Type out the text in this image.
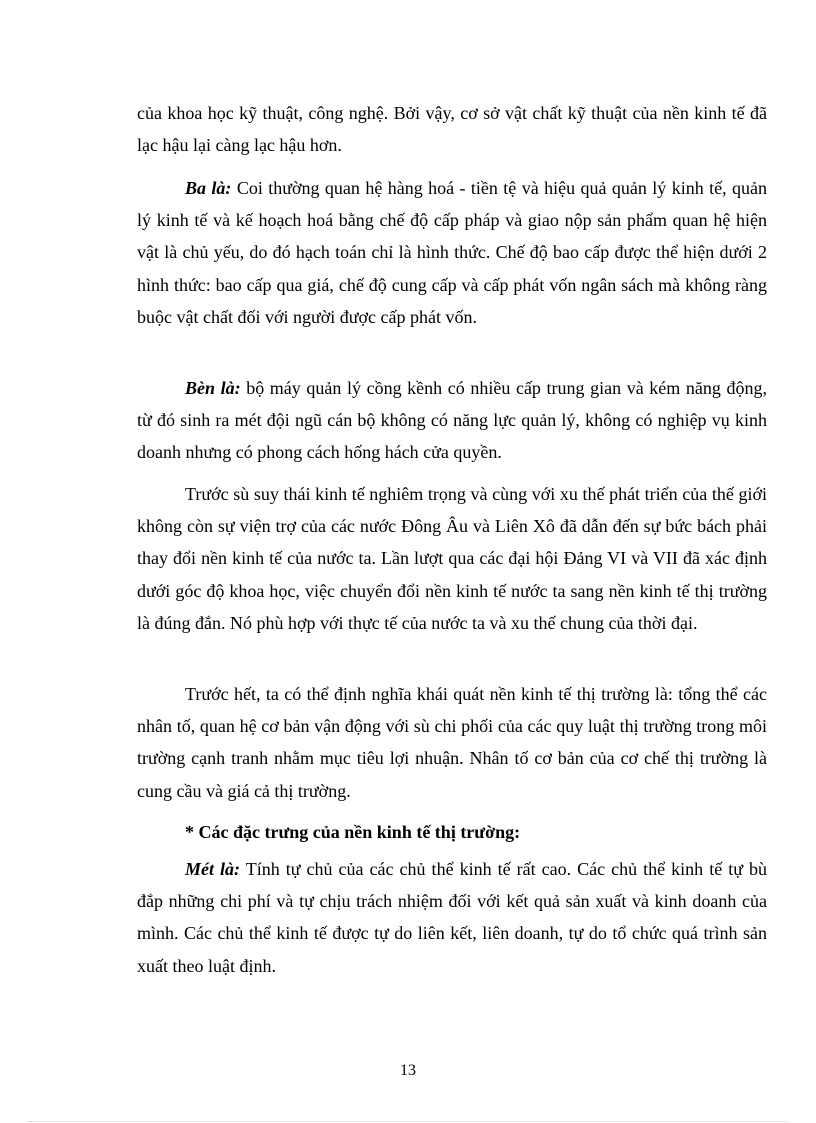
của khoa học kỹ thuật, công nghệ. Bởi vậy, cơ sở vật chất kỹ thuật của nền kinh tế đã lạc hậu lại càng lạc hậu hơn.

Ba là: Coi thường quan hệ hàng hoá - tiền tệ và hiệu quả quản lý kinh tế, quản lý kinh tế và kế hoạch hoá bằng chế độ cấp pháp và giao nộp sản phẩm quan hệ hiện vật là chủ yếu, do đó hạch toán chỉ là hình thức. Chế độ bao cấp được thể hiện dưới 2 hình thức: bao cấp qua giá, chế độ cung cấp và cấp phát vốn ngân sách mà không ràng buộc vật chất đối với người được cấp phát vốn.

Bèn là: bộ máy quản lý cồng kềnh có nhiều cấp trung gian và kém năng động, từ đó sinh ra mét đội ngũ cán bộ không có năng lực quản lý, không có nghiệp vụ kinh doanh nhưng có phong cách hống hách cửa quyền.

Trước sù suy thái kinh tế nghiêm trọng và cùng với xu thế phát triển của thế giới không còn sự viện trợ của các nước Đông Âu và Liên Xô đã dẫn đến sự bức bách phải thay đổi nền kinh tế của nước ta. Lần lượt qua các đại hội Đảng VI và VII đã xác định dưới góc độ khoa học, việc chuyển đổi nền kinh tế nước ta sang nền kinh tế thị trường là đúng đắn. Nó phù hợp với thực tế của nước ta và xu thế chung của thời đại.

Trước hết, ta có thể định nghĩa khái quát nền kinh tế thị trường là: tổng thể các nhân tố, quan hệ cơ bản vận động với sù chi phối của các quy luật thị trường trong môi trường cạnh tranh nhằm mục tiêu lợi nhuận. Nhân tố cơ bản của cơ chế thị trường là cung cầu và giá cả thị trường.

* Các đặc trưng của nền kinh tế thị trường:

Mét là: Tính tự chủ của các chủ thể kinh tế rất cao. Các chủ thể kinh tế tự bù đắp những chi phí và tự chịu trách nhiệm đối với kết quả sản xuất và kinh doanh của mình. Các chủ thể kinh tế được tự do liên kết, liên doanh, tự do tổ chức quá trình sản xuất theo luật định.

13
